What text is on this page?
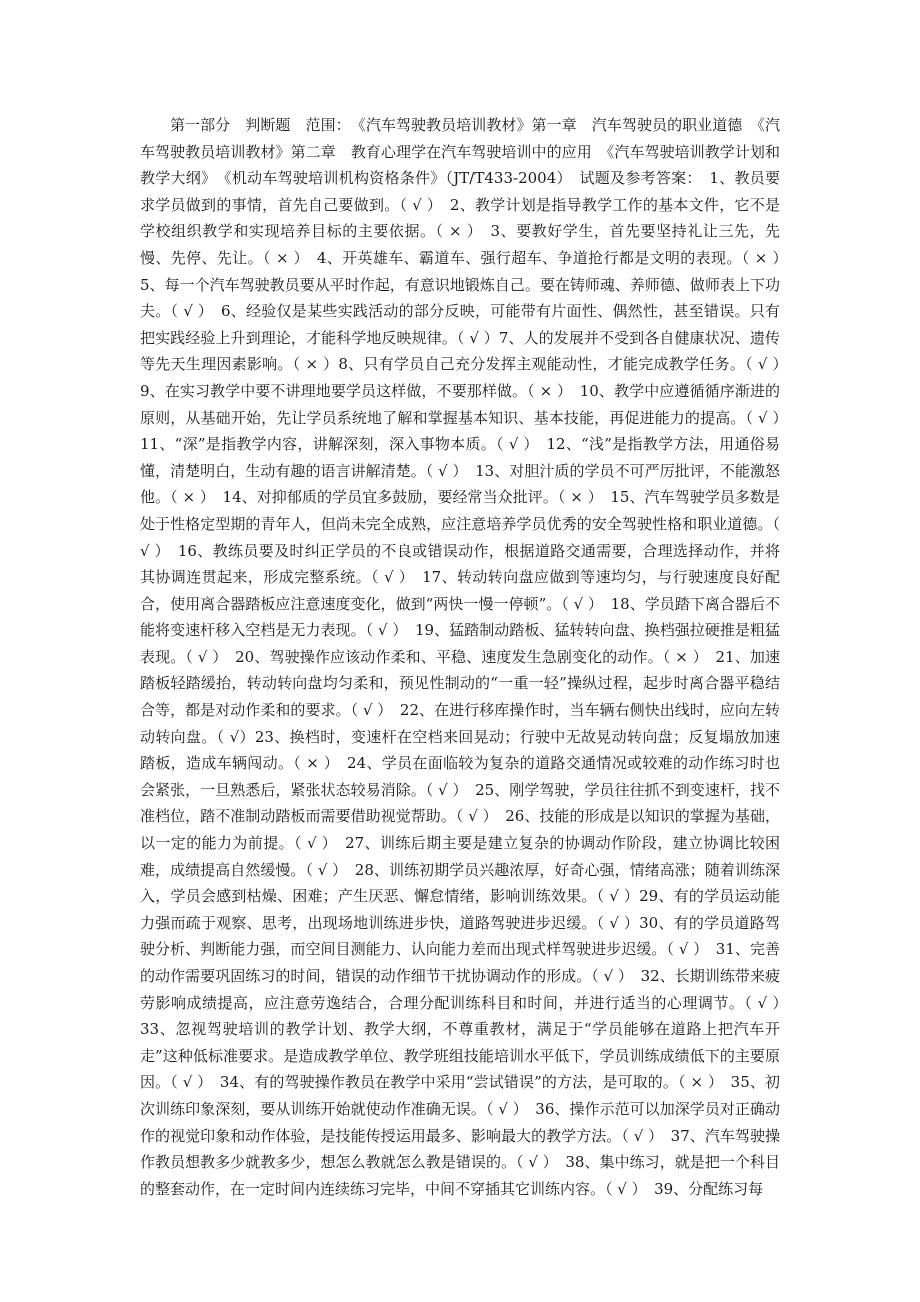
第一部分　判断题　范围：　《汽车驾驶教员培训教材》第一章　汽车驾驶员的职业道德　《汽车驾驶教员培训教材》第二章　教育心理学在汽车驾驶培训中的应用　《汽车驾驶培训教学计划和教学大纲》　《机动车驾驶培训机构资格条件》（JT/T433-2004）　试题及参考答案：　1、教员要求学员做到的事情，首先自己要做到。（ √ ）　2、教学计划是指导教学工作的基本文件，它不是学校组织教学和实现培养目标的主要依据。（ × ）　3、要教好学生，首先要坚持礼让三先，先慢、先停、先让。（ × ）　4、开英雄车、霸道车、强行超车、争道抢行都是文明的表现。（ × ）　5、每一个汽车驾驶教员要从平时作起，有意识地锻炼自己。要在铸师魂、养师德、做师表上下功夫。（ √ ）　6、经验仅是某些实践活动的部分反映，可能带有片面性、偶然性，甚至错误。只有把实践经验上升到理论，才能科学地反映规律。（ √ ）7、人的发展并不受到各自健康状况、遗传等先天生理因素影响。（ × ）8、只有学员自己充分发挥主观能动性，才能完成教学任务。（ √ ）　9、在实习教学中要不讲理地要学员这样做，不要那样做。（ × ）　10、教学中应遵循循序渐进的原则，从基础开始，先让学员系统地了解和掌握基本知识、基本技能，再促进能力的提高。（ √ ）　11、“深”是指教学内容，讲解深刻，深入事物本质。（ √ ）　12、“浅”是指教学方法，用通俗易懂，清楚明白，生动有趣的语言讲解清楚。（ √ ）　13、对胆汁质的学员不可严厉批评，不能激怒他。（ × ）　14、对抑郁质的学员宜多鼓励，要经常当众批评。（ × ）　15、汽车驾驶学员多数是处于性格定型期的青年人，但尚未完全成熟，应注意培养学员优秀的安全驾驶性格和职业道德。（ √ ）　16、教练员要及时纠正学员的不良或错误动作，根据道路交通需要，合理选择动作，并将其协调连贯起来，形成完整系统。（ √ ）　17、转动转向盘应做到等速均匀，与行驶速度良好配合，使用离合器踏板应注意速度变化，做到“两快一慢一停顿”。（ √ ）　18、学员踏下离合器后不能将变速杆移入空档是无力表现。（ √ ）　19、猛踏制动踏板、猛转转向盘、换档强拉硬推是粗猛表现。（ √ ）　20、驾驶操作应该动作柔和、平稳、速度发生急剧变化的动作。（ × ）　21、加速踏板轻踏缓抬，转动转向盘均匀柔和，预见性制动的“一重一轻”操纵过程，起步时离合器平稳结合等，都是对动作柔和的要求。（ √ ）　22、在进行移库操作时，当车辆右侧快出线时，应向左转动转向盘。（ √）23、换档时，变速杆在空档来回晃动；行驶中无故晃动转向盘；反复塌放加速踏板，造成车辆闯动。（ × ）　24、学员在面临较为复杂的道路交通情况或较难的动作练习时也会紧张，一旦熟悉后，紧张状态较易消除。（ √ ）　25、刚学驾驶，学员往往抓不到变速杆，找不准档位，踏不准制动踏板而需要借助视觉帮助。（ √ ）　26、技能的形成是以知识的掌握为基础，以一定的能力为前提。（ √ ）　27、训练后期主要是建立复杂的协调动作阶段，建立协调比较困难，成绩提高自然缓慢。（ √ ）　28、训练初期学员兴趣浓厚，好奇心强，情绪高涨；随着训练深入，学员会感到枯燥、困难；产生厌恶、懈怠情绪，影响训练效果。（ √ ）29、有的学员运动能力强而疏于观察、思考，出现场地训练进步快，道路驾驶进步迟缓。（ √ ）30、有的学员道路驾驶分析、判断能力强，而空间目测能力、认向能力差而出现式样驾驶进步迟缓。（ √ ）　31、完善的动作需要巩固练习的时间，错误的动作细节干扰协调动作的形成。（ √ ）　32、长期训练带来疲劳影响成绩提高，应注意劳逸结合，合理分配训练科目和时间，并进行适当的心理调节。（ √ ）　33、忽视驾驶培训的教学计划、教学大纲，不尊重教材，满足于“学员能够在道路上把汽车开走”这种低标准要求。是造成教学单位、教学班组技能培训水平低下，学员训练成绩低下的主要原因。（ √ ）　34、有的驾驶操作教员在教学中采用“尝试错误”的方法，是可取的。（ × ）　35、初次训练印象深刻，要从训练开始就使动作准确无误。（ √ ）　36、操作示范可以加深学员对正确动作的视觉印象和动作体验，是技能传授运用最多、影响最大的教学方法。（ √ ）　37、汽车驾驶操作教员想教多少就教多少，想怎么教就怎么教是错误的。（ √ ）　38、集中练习，就是把一个科目的整套动作，在一定时间内连续练习完毕，中间不穿插其它训练内容。（ √ ）　39、分配练习每
